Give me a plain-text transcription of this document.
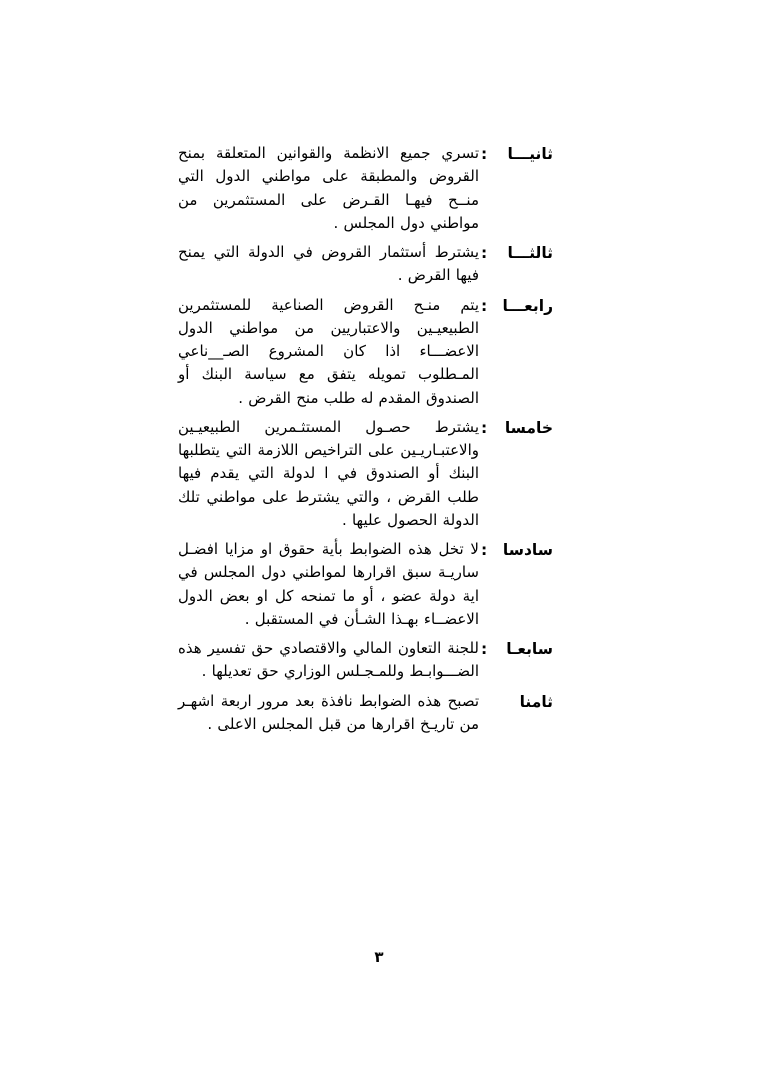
ثانيـــا
:
تسري جميع الانظمة والقوانين المتعلقة بمنح القروض والمطبقة على مواطني الدول التي منــح فيهـا القـرض على المستثمرين من مواطني دول المجلس .
ثالثـــا
:
يشترط أستثمار القروض في الدولة التي يمنح فيها القرض .
رابعـــا
:
يتم منـح القروض الصناعية للمستثمرين الطبيعيـين والاعتباريين من مواطني الدول الاعضـــاء اذا كان المشروع الصـ__ناعي المـطلوب تمويله يتفق مع سياسة البنك أو الصندوق المقدم له طلب منح القرض .
خامسا
:
يشترط حصـول المستثـمرين الطبيعيـين والاعتبـاريـين على التراخيص اللازمة التي يتطلبها البنك أو الصندوق في ا لدولة التي يقدم فيها طلب القرض ، والتي يشترط على مواطني تلك الدولة الحصول عليها .
سادسا
:
لا تخل هذه الضوابط بأية حقوق او مزايا افضـل ساريـة سبق اقرارها لمواطني دول المجلس في اية دولة عضو ، أو ما تمنحه كل او بعض الدول الاعضــاء بهـذا الشـأن في المستقبل .
سابعـا
:
للجنة التعاون المالي والاقتصادي حق تفسير هذه الضـــوابـط وللمـجـلس الوزاري حق تعديلها .
ثامنا
تصبح هذه الضوابط نافذة بعد مرور اربعة اشهـر من تاريـخ اقرارها من قبل المجلس الاعلى .
٣
